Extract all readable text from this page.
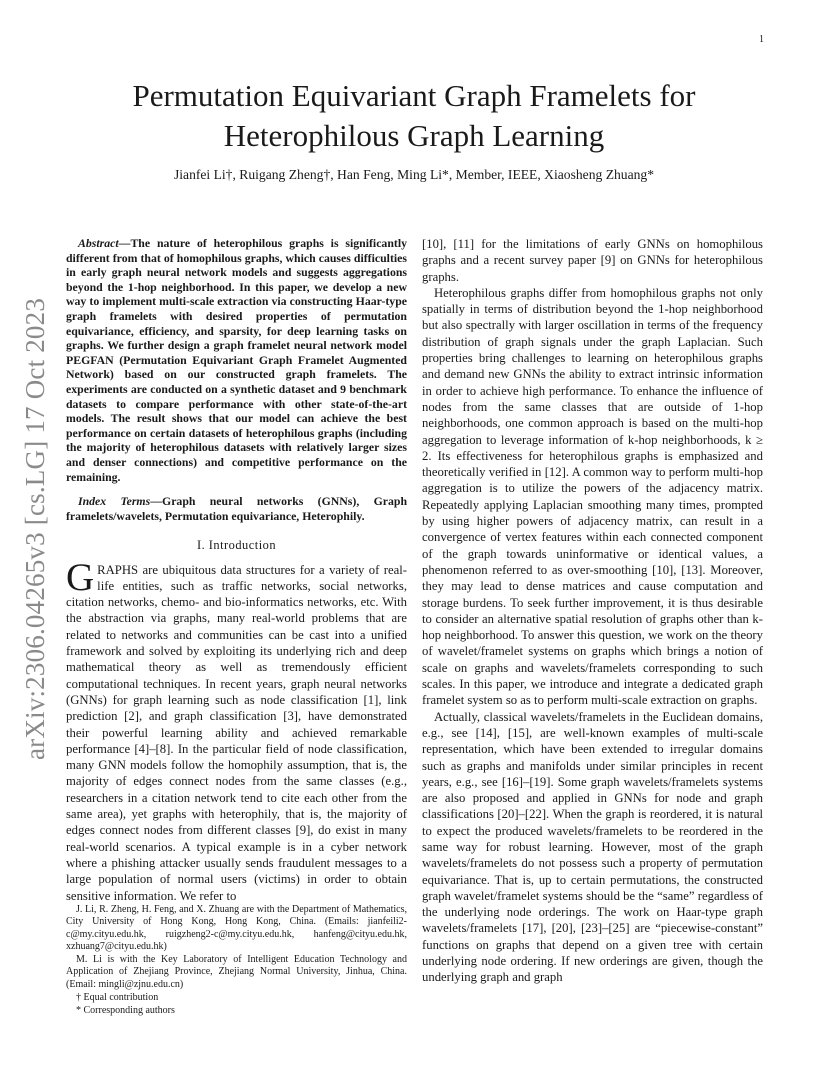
1
arXiv:2306.04265v3 [cs.LG] 17 Oct 2023
Permutation Equivariant Graph Framelets for Heterophilous Graph Learning
Jianfei Li†, Ruigang Zheng†, Han Feng, Ming Li*, Member, IEEE, Xiaosheng Zhuang*

Abstract—The nature of heterophilous graphs is significantly different from that of homophilous graphs, which causes difficulties in early graph neural network models and suggests aggregations beyond the 1-hop neighborhood. In this paper, we develop a new way to implement multi-scale extraction via constructing Haar-type graph framelets with desired properties of permutation equivariance, efficiency, and sparsity, for deep learning tasks on graphs. We further design a graph framelet neural network model PEGFAN (Permutation Equivariant Graph Framelet Augmented Network) based on our constructed graph framelets. The experiments are conducted on a synthetic dataset and 9 benchmark datasets to compare performance with other state-of-the-art models. The result shows that our model can achieve the best performance on certain datasets of heterophilous graphs (including the majority of heterophilous datasets with relatively larger sizes and denser connections) and competitive performance on the remaining.

Index Terms—Graph neural networks (GNNs), Graph framelets/wavelets, Permutation equivariance, Heterophily.

I. Introduction

GRAPHS are ubiquitous data structures for a variety of real-life entities, such as traffic networks, social networks, citation networks, chemo- and bio-informatics networks, etc. With the abstraction via graphs, many real-world problems that are related to networks and communities can be cast into a unified framework and solved by exploiting its underlying rich and deep mathematical theory as well as tremendously efficient computational techniques. In recent years, graph neural networks (GNNs) for graph learning such as node classification [1], link prediction [2], and graph classification [3], have demonstrated their powerful learning ability and achieved remarkable performance [4]–[8]. In the particular field of node classification, many GNN models follow the homophily assumption, that is, the majority of edges connect nodes from the same classes (e.g., researchers in a citation network tend to cite each other from the same area), yet graphs with heterophily, that is, the majority of edges connect nodes from different classes [9], do exist in many real-world scenarios. A typical example is in a cyber network where a phishing attacker usually sends fraudulent messages to a large population of normal users (victims) in order to obtain sensitive information. We refer to

J. Li, R. Zheng, H. Feng, and X. Zhuang are with the Department of Mathematics, City University of Hong Kong, Hong Kong, China. (Emails: jianfeili2-c@my.cityu.edu.hk, ruigzheng2-c@my.cityu.edu.hk, hanfeng@cityu.edu.hk, xzhuang7@cityu.edu.hk)

M. Li is with the Key Laboratory of Intelligent Education Technology and Application of Zhejiang Province, Zhejiang Normal University, Jinhua, China. (Email: mingli@zjnu.edu.cn)

† Equal contribution

* Corresponding authors

[10], [11] for the limitations of early GNNs on homophilous graphs and a recent survey paper [9] on GNNs for heterophilous graphs.

Heterophilous graphs differ from homophilous graphs not only spatially in terms of distribution beyond the 1-hop neighborhood but also spectrally with larger oscillation in terms of the frequency distribution of graph signals under the graph Laplacian. Such properties bring challenges to learning on heterophilous graphs and demand new GNNs the ability to extract intrinsic information in order to achieve high performance. To enhance the influence of nodes from the same classes that are outside of 1-hop neighborhoods, one common approach is based on the multi-hop aggregation to leverage information of k-hop neighborhoods, k ≥ 2. Its effectiveness for heterophilous graphs is emphasized and theoretically verified in [12]. A common way to perform multi-hop aggregation is to utilize the powers of the adjacency matrix. Repeatedly applying Laplacian smoothing many times, prompted by using higher powers of adjacency matrix, can result in a convergence of vertex features within each connected component of the graph towards uninformative or identical values, a phenomenon referred to as over-smoothing [10], [13]. Moreover, they may lead to dense matrices and cause computation and storage burdens. To seek further improvement, it is thus desirable to consider an alternative spatial resolution of graphs other than k-hop neighborhood. To answer this question, we work on the theory of wavelet/framelet systems on graphs which brings a notion of scale on graphs and wavelets/framelets corresponding to such scales. In this paper, we introduce and integrate a dedicated graph framelet system so as to perform multi-scale extraction on graphs.

Actually, classical wavelets/framelets in the Euclidean domains, e.g., see [14], [15], are well-known examples of multi-scale representation, which have been extended to irregular domains such as graphs and manifolds under similar principles in recent years, e.g., see [16]–[19]. Some graph wavelets/framelets systems are also proposed and applied in GNNs for node and graph classifications [20]–[22]. When the graph is reordered, it is natural to expect the produced wavelets/framelets to be reordered in the same way for robust learning. However, most of the graph wavelets/framelets do not possess such a property of permutation equivariance. That is, up to certain permutations, the constructed graph wavelet/framelet systems should be the “same” regardless of the underlying node orderings. The work on Haar-type graph wavelets/framelets [17], [20], [23]–[25] are “piecewise-constant” functions on graphs that depend on a given tree with certain underlying node ordering. If new orderings are given, though the underlying graph and graph
